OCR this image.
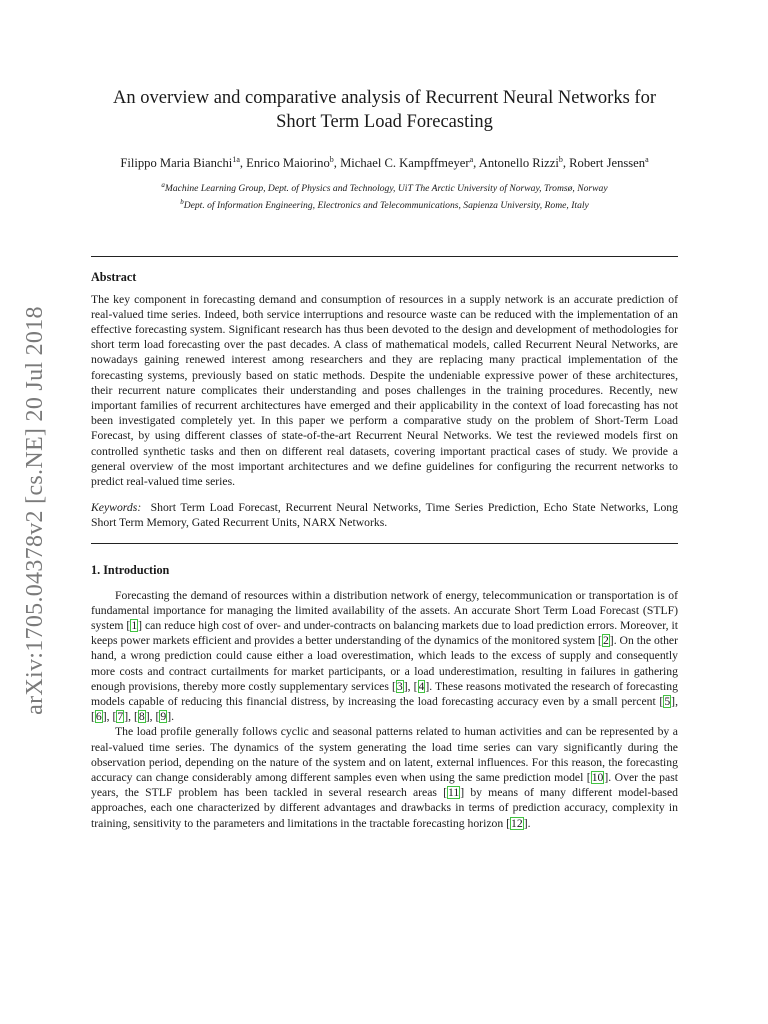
arXiv:1705.04378v2 [cs.NE] 20 Jul 2018
An overview and comparative analysis of Recurrent Neural Networks for
Short Term Load Forecasting
Filippo Maria Bianchi$^{1a}$, Enrico Maiorino$^b$, Michael C. Kampffmeyer$^a$, Antonello Rizzi$^b$, Robert Jenssen$^a$
$^a$Machine Learning Group, Dept. of Physics and Technology, UiT The Arctic University of Norway, Tromsø, Norway
$^b$Dept. of Information Engineering, Electronics and Telecommunications, Sapienza University, Rome, Italy
Abstract
The key component in forecasting demand and consumption of resources in a supply network is an accurate prediction of real-valued time series. Indeed, both service interruptions and resource waste can be reduced with the implementation of an effective forecasting system. Significant research has thus been devoted to the design and development of methodologies for short term load forecasting over the past decades. A class of mathematical models, called Recurrent Neural Networks, are nowadays gaining renewed interest among researchers and they are replacing many practical implementation of the forecasting systems, previously based on static methods. Despite the undeniable expressive power of these architectures, their recurrent nature complicates their understanding and poses challenges in the training procedures. Recently, new important families of recurrent architectures have emerged and their applicability in the context of load forecasting has not been investigated completely yet. In this paper we perform a comparative study on the problem of Short-Term Load Forecast, by using different classes of state-of-the-art Recurrent Neural Networks. We test the reviewed models first on controlled synthetic tasks and then on different real datasets, covering important practical cases of study. We provide a general overview of the most important architectures and we define guidelines for configuring the recurrent networks to predict real-valued time series.
Keywords: Short Term Load Forecast, Recurrent Neural Networks, Time Series Prediction, Echo State Networks, Long Short Term Memory, Gated Recurrent Units, NARX Networks.
1. Introduction

Forecasting the demand of resources within a distribution network of energy, telecommunication or transportation is of fundamental importance for managing the limited availability of the assets. An accurate Short Term Load Forecast (STLF) system [1] can reduce high cost of over- and under-contracts on balancing markets due to load prediction errors. Moreover, it keeps power markets efficient and provides a better understanding of the dynamics of the monitored system [2]. On the other hand, a wrong prediction could cause either a load overestimation, which leads to the excess of supply and consequently more costs and contract curtailments for market participants, or a load underestimation, resulting in failures in gathering enough provisions, thereby more costly supplementary services [3], [4]. These reasons motivated the research of forecasting models capable of reducing this financial distress, by increasing the load forecasting accuracy even by a small percent [5], [6], [7], [8], [9].

The load profile generally follows cyclic and seasonal patterns related to human activities and can be represented by a real-valued time series. The dynamics of the system generating the load time series can vary significantly during the observation period, depending on the nature of the system and on latent, external influences. For this reason, the forecasting accuracy can change considerably among different samples even when using the same prediction model [10]. Over the past years, the STLF problem has been tackled in several research areas [11] by means of many different model-based approaches, each one characterized by different advantages and drawbacks in terms of prediction accuracy, complexity in training, sensitivity to the parameters and limitations in the tractable forecasting horizon [12].
